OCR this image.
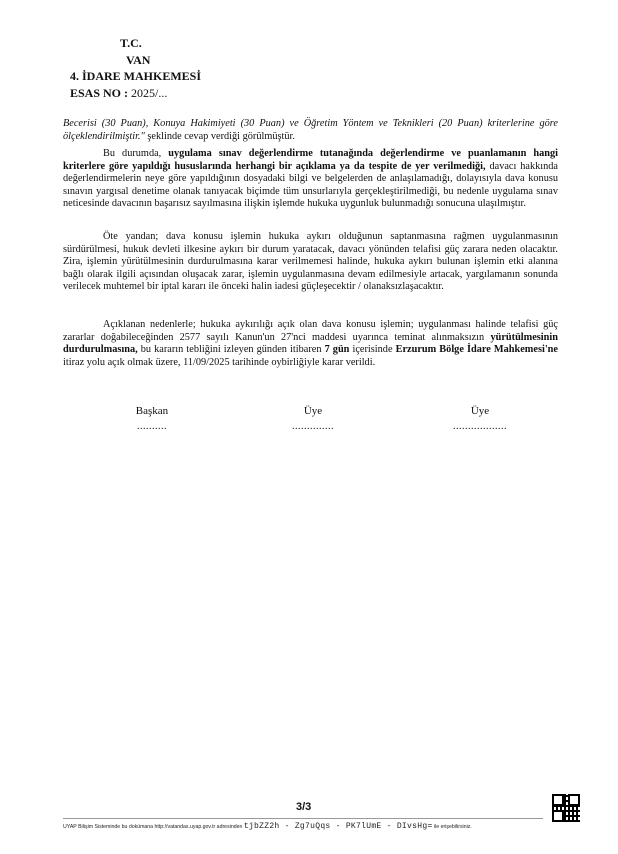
T.C.
VAN
4. İDARE MAHKEMESİ
ESAS NO : 2025/...
Becerisi (30 Puan), Konuya Hakimiyeti (30 Puan) ve Öğretim Yöntem ve Teknikleri (20 Puan) kriterlerine göre ölçeklendirilmiştir." şeklinde cevap verdiği görülmüştür.
Bu durumda, uygulama sınav değerlendirme tutanağında değerlendirme ve puanlamanın hangi kriterlere göre yapıldığı hususlarında herhangi bir açıklama ya da tespite de yer verilmediği, davacı hakkında değerlendirmelerin neye göre yapıldığının dosyadaki bilgi ve belgelerden de anlaşılamadığı, dolayısıyla dava konusu sınavın yargısal denetime olanak tanıyacak biçimde tüm unsurlarıyla gerçekleştirilmediği, bu nedenle uygulama sınav neticesinde davacının başarısız sayılmasına ilişkin işlemde hukuka uygunluk bulunmadığı sonucuna ulaşılmıştır.
Öte yandan; dava konusu işlemin hukuka aykırı olduğunun saptanmasına rağmen uygulanmasının sürdürülmesi, hukuk devleti ilkesine aykırı bir durum yaratacak, davacı yönünden telafisi güç zarara neden olacaktır. Zira, işlemin yürütülmesinin durdurulmasına karar verilmemesi halinde, hukuka aykırı bulunan işlemin etki alanına bağlı olarak ilgili açısından oluşacak zarar, işlemin uygulanmasına devam edilmesiyle artacak, yargılamanın sonunda verilecek muhtemel bir iptal kararı ile önceki halin iadesi güçleşecektir / olanaksızlaşacaktır.
Açıklanan nedenlerle; hukuka aykırılığı açık olan dava konusu işlemin; uygulanması halinde telafisi güç zararlar doğabileceğinden 2577 sayılı Kanun'un 27'nci maddesi uyarınca teminat alınmaksızın yürütülmesinin durdurulmasına, bu kararın tebliğini izleyen günden itibaren 7 gün içerisinde Erzurum Bölge İdare Mahkemesi'ne itiraz yolu açık olmak üzere, 11/09/2025 tarihinde oybirliğiyle karar verildi.
Başkan
..........
Üye
..............
Üye
..................
3/3
UYAP Bilişim Sisteminde bu dokümana http://vatandas.uyap.gov.tr adresinden tjbZZ2h - Zg7uQqs - PK7lUmE - DIvsHg= ile erişebilirsiniz.
